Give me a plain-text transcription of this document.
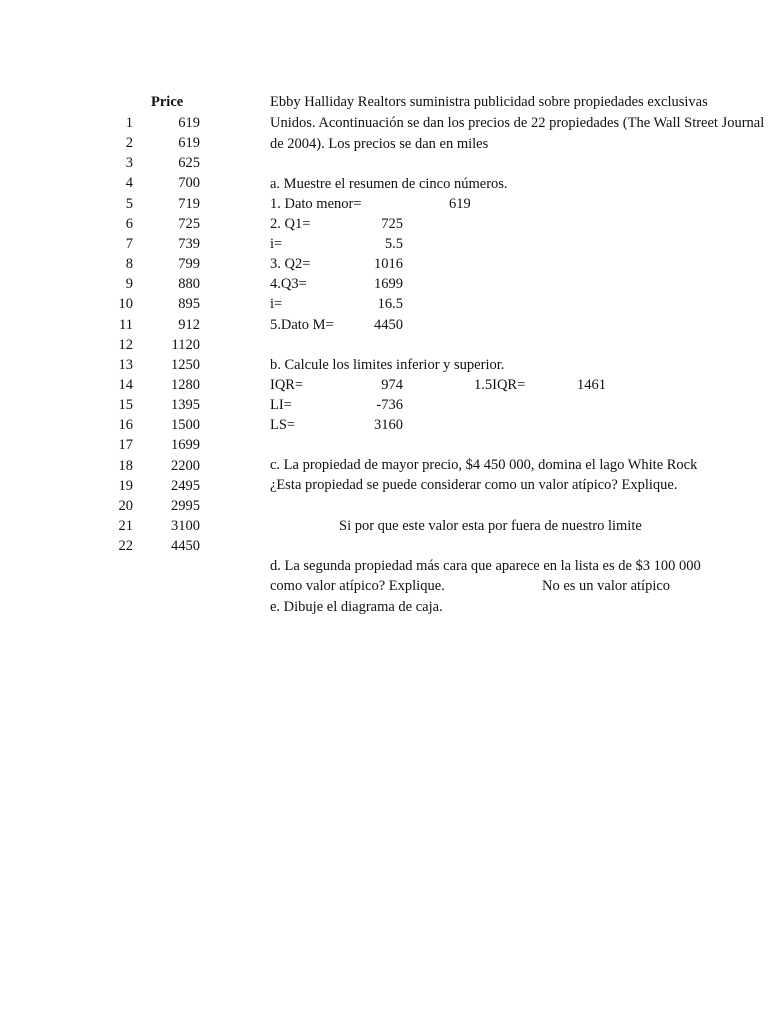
Price
1	619
2	619
3	625
4	700
5	719
6	725
7	739
8	799
9	880
10	895
11	912
12	1120
13	1250
14	1280
15	1395
16	1500
17	1699
18	2200
19	2495
20	2995
21	3100
22	4450
Ebby Halliday Realtors suministra publicidad sobre propiedades exclusivas
Unidos. Acontinuación se dan los precios de 22 propiedades (The Wall Street Journal
de 2004). Los precios se dan en miles
a. Muestre el resumen de cinco números.
1. Dato menor=	619
2. Q1=	725
i=	5.5
3. Q2=	1016
4.Q3=	1699
i=	16.5
5.Dato M=	4450
b. Calcule los limites inferior y superior.
IQR=	974	1.5IQR=	1461
LI=	-736
LS=	3160
c. La propiedad de mayor precio, $4 450 000, domina el lago White Rock
¿Esta propiedad se puede considerar como un valor atípico? Explique.
Si por que este valor esta por fuera de nuestro limite
d. La segunda propiedad más cara que aparece en la lista es de $3 100 000
como valor atípico? Explique.	No es un valor atípico
e. Dibuje el diagrama de caja.
